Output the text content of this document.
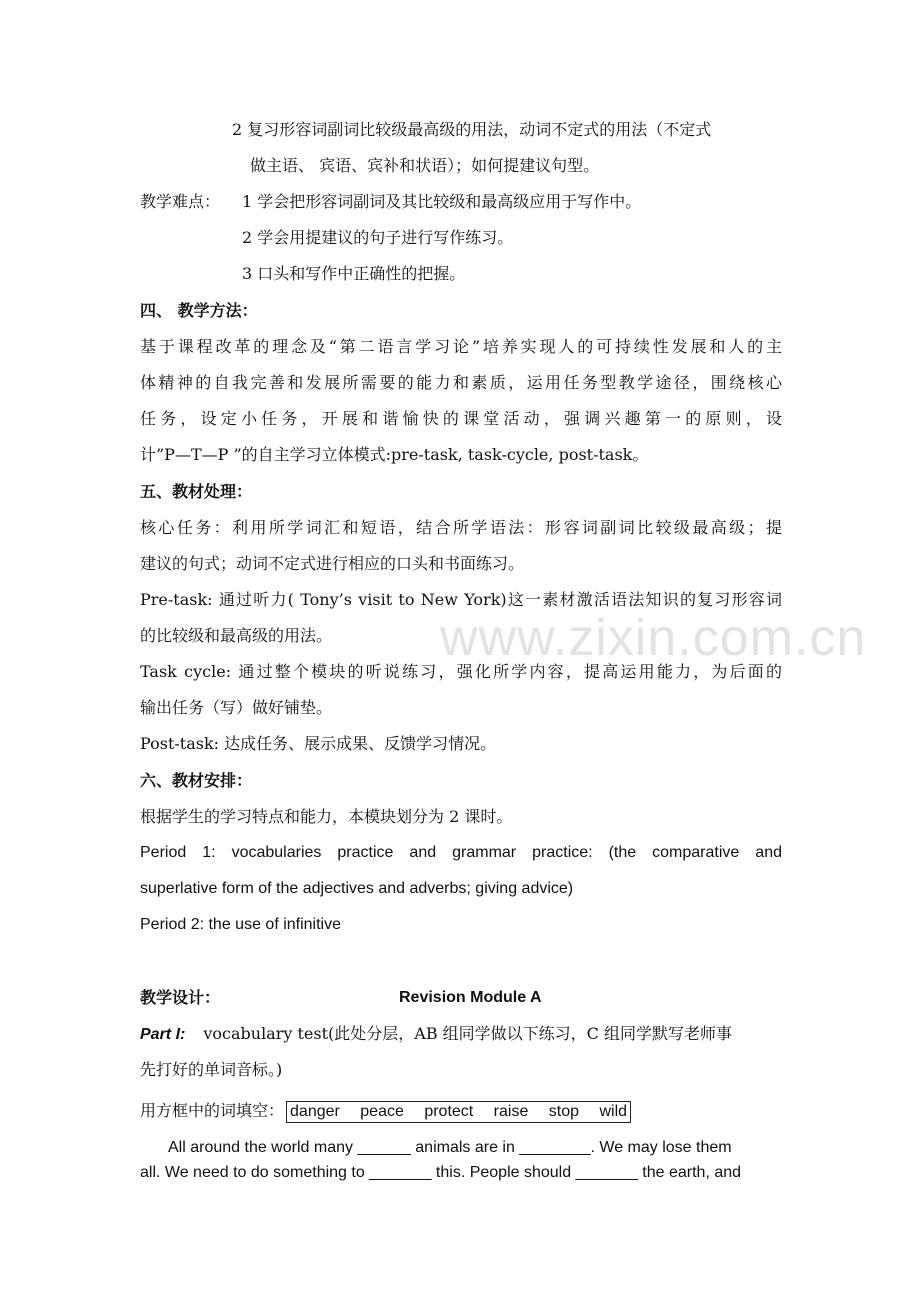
2 复习形容词副词比较级最高级的用法，动词不定式的用法（不定式
做主语、 宾语、宾补和状语）；如何提建议句型。
教学难点： 1 学会把形容词副词及其比较级和最高级应用于写作中。
2 学会用提建议的句子进行写作练习。
3 口头和写作中正确性的把握。
四、 教学方法：
基于课程改革的理念及“第二语言学习论”培养实现人的可持续性发展和人的主
体精神的自我完善和发展所需要的能力和素质，运用任务型教学途径，围绕核心
任务，设定小任务，开展和谐愉快的课堂活动，强调兴趣第一的原则，设
计”P—T—P ”的自主学习立体模式:pre-task, task-cycle, post-task。
五、教材处理：
核心任务：利用所学词汇和短语，结合所学语法：形容词副词比较级最高级；提
建议的句式；动词不定式进行相应的口头和书面练习。
Pre-task: 通过听力( Tony’s visit to New York)这一素材激活语法知识的复习形容词
的比较级和最高级的用法。
Task cycle: 通过整个模块的听说练习，强化所学内容，提高运用能力，为后面的
输出任务（写）做好铺垫。
Post-task: 达成任务、展示成果、反馈学习情况。
六、教材安排：
根据学生的学习特点和能力，本模块划分为 2 课时。
Period 1: vocabularies practice and grammar practice: (the comparative and
superlative form of the adjectives and adverbs; giving advice)
Period 2: the use of infinitive
教学设计：	Revision Module A
Part I: vocabulary test(此处分层，AB 组同学做以下练习，C 组同学默写老师事
先打好的单词音标。)
用方框中的词填空： danger peace protect raise stop wild
All around the world many ______ animals are in ________. We may lose them
all. We need to do something to _______ this. People should _______ the earth, and
www.zixin.com.cn
